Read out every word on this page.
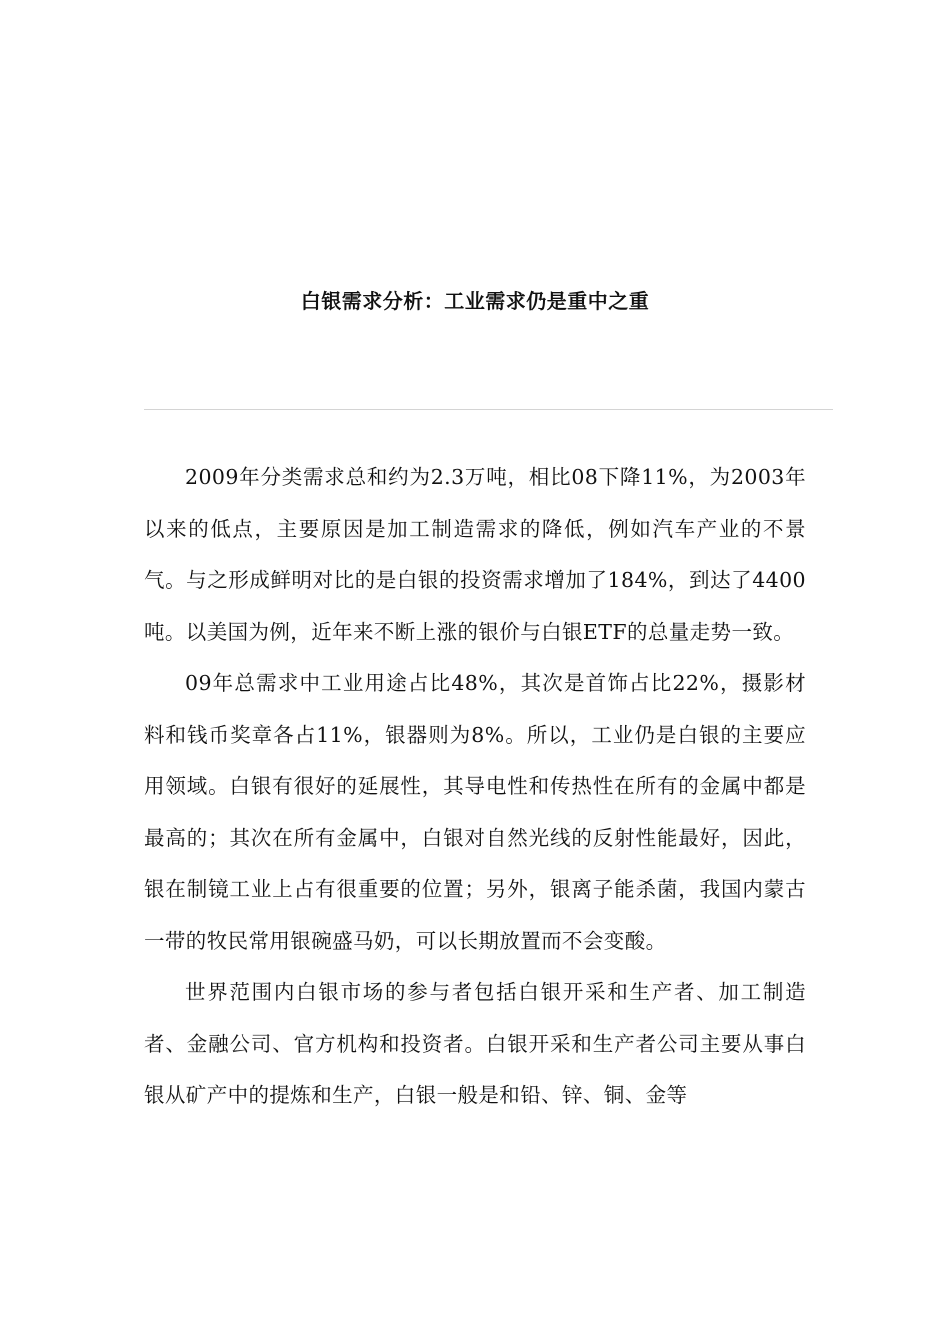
白银需求分析：工业需求仍是重中之重

2009年分类需求总和约为2.3万吨，相比08下降11%，为2003年以来的低点，主要原因是加工制造需求的降低，例如汽车产业的不景气。与之形成鲜明对比的是白银的投资需求增加了184%，到达了4400吨。以美国为例，近年来不断上涨的银价与白银ETF的总量走势一致。

09年总需求中工业用途占比48%，其次是首饰占比22%，摄影材料和钱币奖章各占11%，银器则为8%。所以，工业仍是白银的主要应用领域。白银有很好的延展性，其导电性和传热性在所有的金属中都是最高的；其次在所有金属中，白银对自然光线的反射性能最好，因此，银在制镜工业上占有很重要的位置；另外，银离子能杀菌，我国内蒙古一带的牧民常用银碗盛马奶，可以长期放置而不会变酸。

世界范围内白银市场的参与者包括白银开采和生产者、加工制造者、金融公司、官方机构和投资者。白银开采和生产者公司主要从事白银从矿产中的提炼和生产，白银一般是和铅、锌、铜、金等
